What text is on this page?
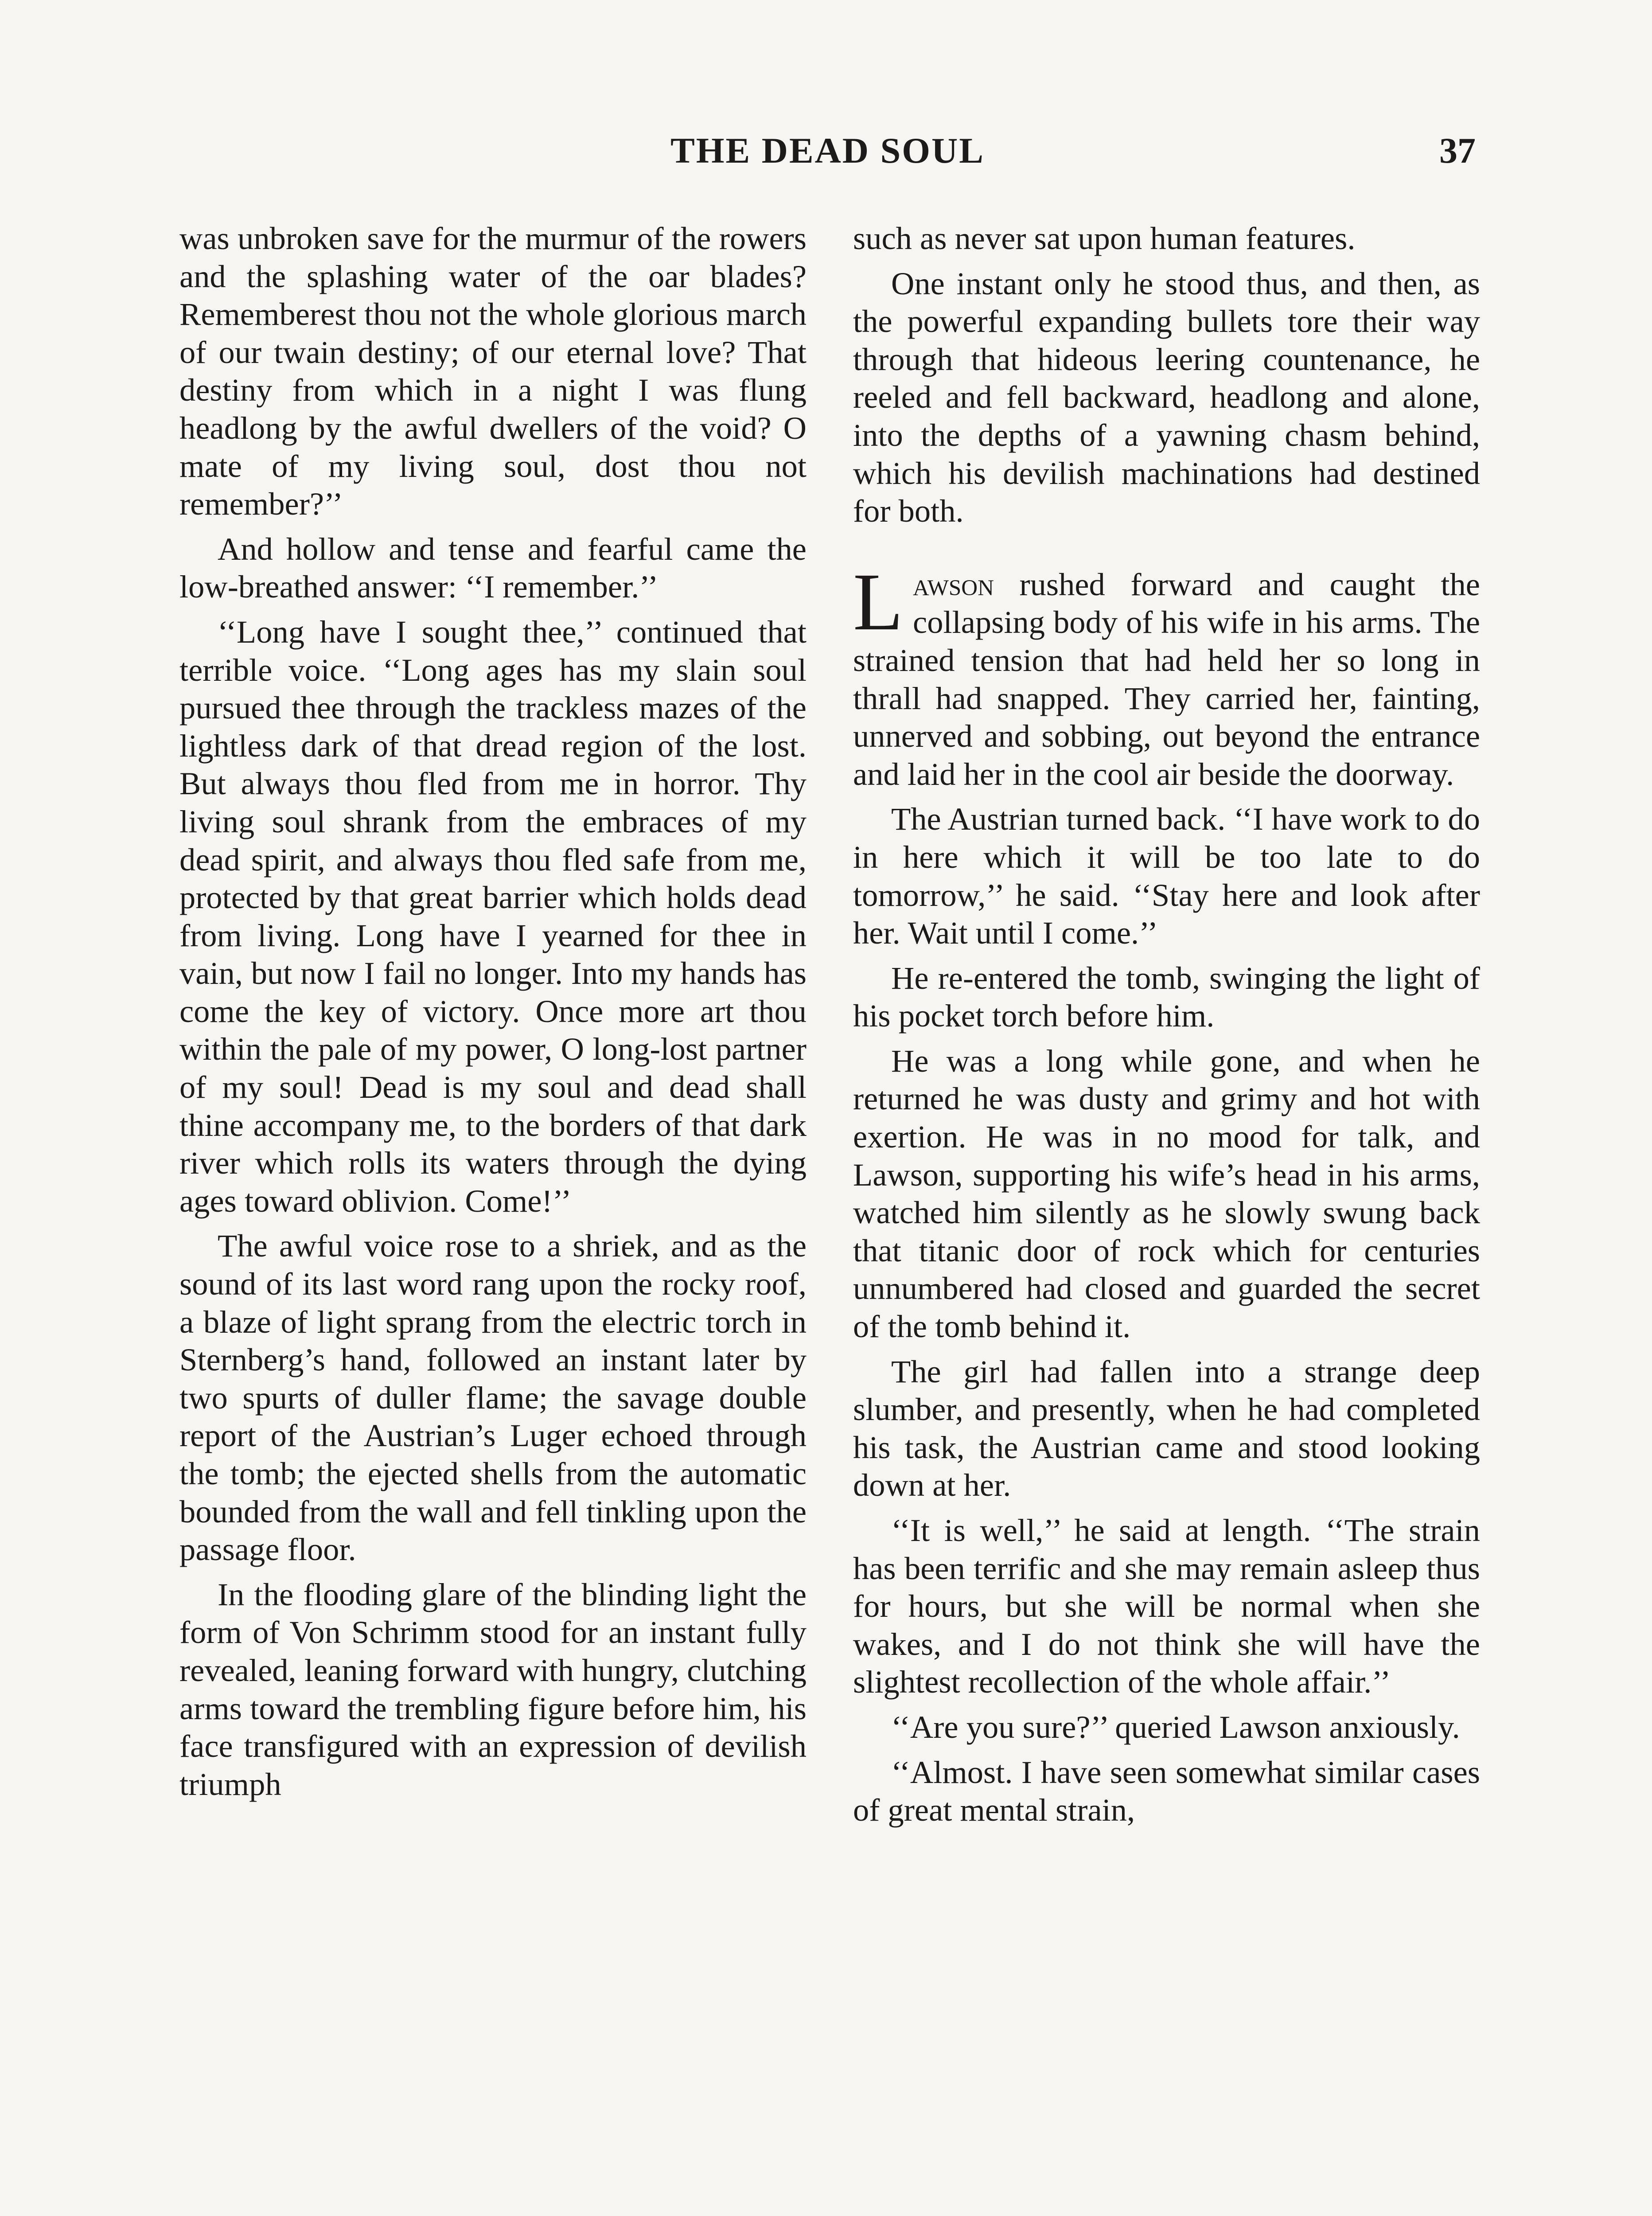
THE DEAD SOUL	37

was unbroken save for the murmur of the rowers and the splashing water of the oar blades? Rememberest thou not the whole glorious march of our twain destiny; of our eternal love? That destiny from which in a night I was flung headlong by the awful dwellers of the void? O mate of my living soul, dost thou not remember?’’

And hollow and tense and fearful came the low-breathed answer: ‘‘I remember.’’

‘‘Long have I sought thee,’’ continued that terrible voice. ‘‘Long ages has my slain soul pursued thee through the trackless mazes of the lightless dark of that dread region of the lost. But always thou fled from me in horror. Thy living soul shrank from the embraces of my dead spirit, and always thou fled safe from me, protected by that great barrier which holds dead from living. Long have I yearned for thee in vain, but now I fail no longer. Into my hands has come the key of victory. Once more art thou within the pale of my power, O long-lost partner of my soul! Dead is my soul and dead shall thine accompany me, to the borders of that dark river which rolls its waters through the dying ages toward oblivion. Come!’’

The awful voice rose to a shriek, and as the sound of its last word rang upon the rocky roof, a blaze of light sprang from the electric torch in Sternberg’s hand, followed an instant later by two spurts of duller flame; the savage double report of the Austrian’s Luger echoed through the tomb; the ejected shells from the automatic bounded from the wall and fell tinkling upon the passage floor.

In the flooding glare of the blinding light the form of Von Schrimm stood for an instant fully revealed, leaning forward with hungry, clutching arms toward the trembling figure before him, his face transfigured with an expression of devilish triumph

such as never sat upon human features.

One instant only he stood thus, and then, as the powerful expanding bullets tore their way through that hideous leering countenance, he reeled and fell backward, headlong and alone, into the depths of a yawning chasm behind, which his devilish machinations had destined for both.

Lawson rushed forward and caught the collapsing body of his wife in his arms. The strained tension that had held her so long in thrall had snapped. They carried her, fainting, unnerved and sobbing, out beyond the entrance and laid her in the cool air beside the doorway.

The Austrian turned back. ‘‘I have work to do in here which it will be too late to do tomorrow,’’ he said. ‘‘Stay here and look after her. Wait until I come.’’

He re-entered the tomb, swinging the light of his pocket torch before him.

He was a long while gone, and when he returned he was dusty and grimy and hot with exertion. He was in no mood for talk, and Lawson, supporting his wife’s head in his arms, watched him silently as he slowly swung back that titanic door of rock which for centuries unnumbered had closed and guarded the secret of the tomb behind it.

The girl had fallen into a strange deep slumber, and presently, when he had completed his task, the Austrian came and stood looking down at her.

‘‘It is well,’’ he said at length. ‘‘The strain has been terrific and she may remain asleep thus for hours, but she will be normal when she wakes, and I do not think she will have the slightest recollection of the whole affair.’’

‘‘Are you sure?’’ queried Lawson anxiously.

‘‘Almost. I have seen somewhat similar cases of great mental strain,
